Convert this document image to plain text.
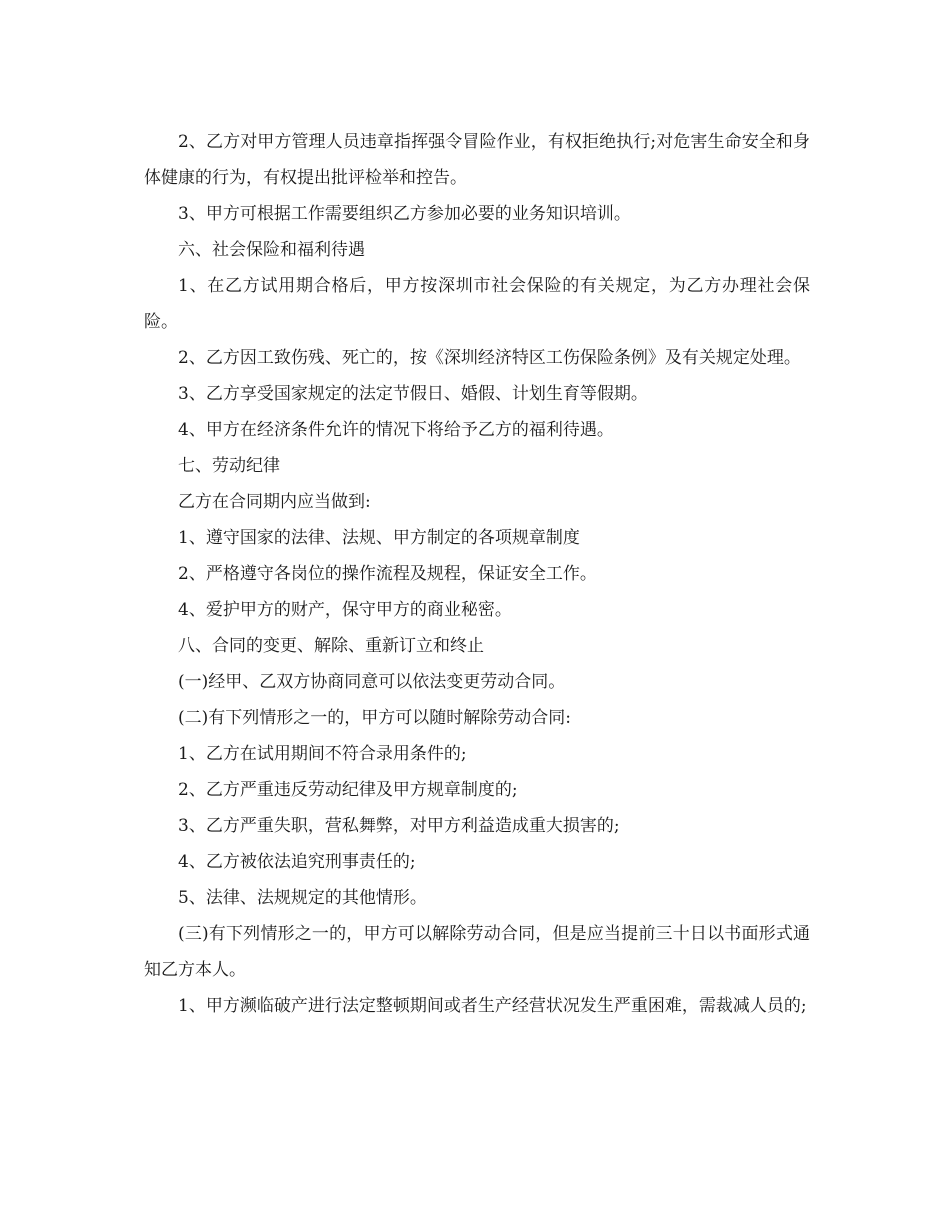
2、乙方对甲方管理人员违章指挥强令冒险作业，有权拒绝执行;对危害生命安全和身体健康的行为，有权提出批评检举和控告。

3、甲方可根据工作需要组织乙方参加必要的业务知识培训。

六、社会保险和福利待遇

1、在乙方试用期合格后，甲方按深圳市社会保险的有关规定，为乙方办理社会保险。

2、乙方因工致伤残、死亡的，按《深圳经济特区工伤保险条例》及有关规定处理。

3、乙方享受国家规定的法定节假日、婚假、计划生育等假期。

4、甲方在经济条件允许的情况下将给予乙方的福利待遇。

七、劳动纪律

乙方在合同期内应当做到:

1、遵守国家的法律、法规、甲方制定的各项规章制度

2、严格遵守各岗位的操作流程及规程，保证安全工作。

4、爱护甲方的财产，保守甲方的商业秘密。

八、合同的变更、解除、重新订立和终止

(一)经甲、乙双方协商同意可以依法变更劳动合同。

(二)有下列情形之一的，甲方可以随时解除劳动合同:

1、乙方在试用期间不符合录用条件的;

2、乙方严重违反劳动纪律及甲方规章制度的;

3、乙方严重失职，营私舞弊，对甲方利益造成重大损害的;

4、乙方被依法追究刑事责任的;

5、法律、法规规定的其他情形。

(三)有下列情形之一的，甲方可以解除劳动合同，但是应当提前三十日以书面形式通知乙方本人。

1、甲方濒临破产进行法定整顿期间或者生产经营状况发生严重困难，需裁减人员的;
